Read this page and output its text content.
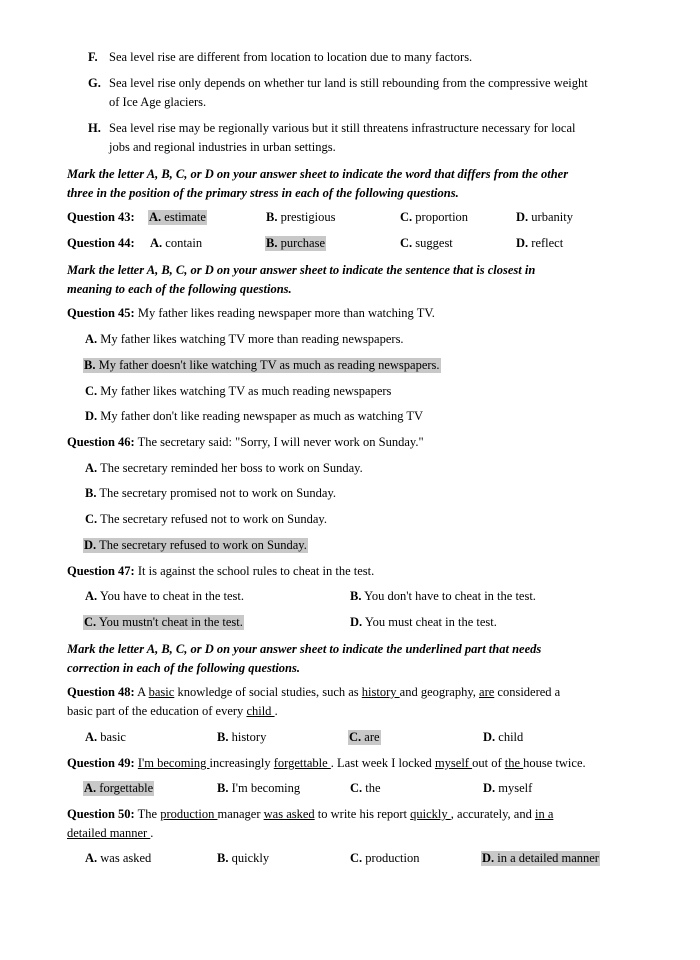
F. Sea level rise are different from location to location due to many factors.
G. Sea level rise only depends on whether tur land is still rebounding from the compressive weight
of Ice Age glaciers.
H. Sea level rise may be regionally various but it still threatens infrastructure necessary for local
jobs and regional industries in urban settings.
Mark the letter A, B, C, or D on your answer sheet to indicate the word that differs from the other
three in the position of the primary stress in each of the following questions.
Question 43: A. estimate	B. prestigious	C. proportion	D. urbanity
Question 44: A. contain	B. purchase	C. suggest	D. reflect
Mark the letter A, B, C, or D on your answer sheet to indicate the sentence that is closest in
meaning to each of the following questions.
Question 45: My father likes reading newspaper more than watching TV.
A. My father likes watching TV more than reading newspapers.
B. My father doesn't like watching TV as much as reading newspapers.
C. My father likes watching TV as much reading newspapers
D. My father don't like reading newspaper as much as watching TV
Question 46: The secretary said: "Sorry, I will never work on Sunday."
A. The secretary reminded her boss to work on Sunday.
B. The secretary promised not to work on Sunday.
C. The secretary refused not to work on Sunday.
D. The secretary refused to work on Sunday.
Question 47: It is against the school rules to cheat in the test.
A. You have to cheat in the test.	B. You don't have to cheat in the test.
C. You mustn't cheat in the test.	D. You must cheat in the test.
Mark the letter A, B, C, or D on your answer sheet to indicate the underlined part that needs
correction in each of the following questions.
Question 48: A basic knowledge of social studies, such as history and geography, are considered a
basic part of the education of every child .
A. basic	B. history	C. are	D. child
Question 49: I'm becoming increasingly forgettable . Last week I locked myself out of the house twice.
A. forgettable	B. I'm becoming	C. the	D. myself
Question 50: The production manager was asked to write his report quickly , accurately, and in a
detailed manner .
A. was asked	B. quickly	C. production	D. in a detailed manner
